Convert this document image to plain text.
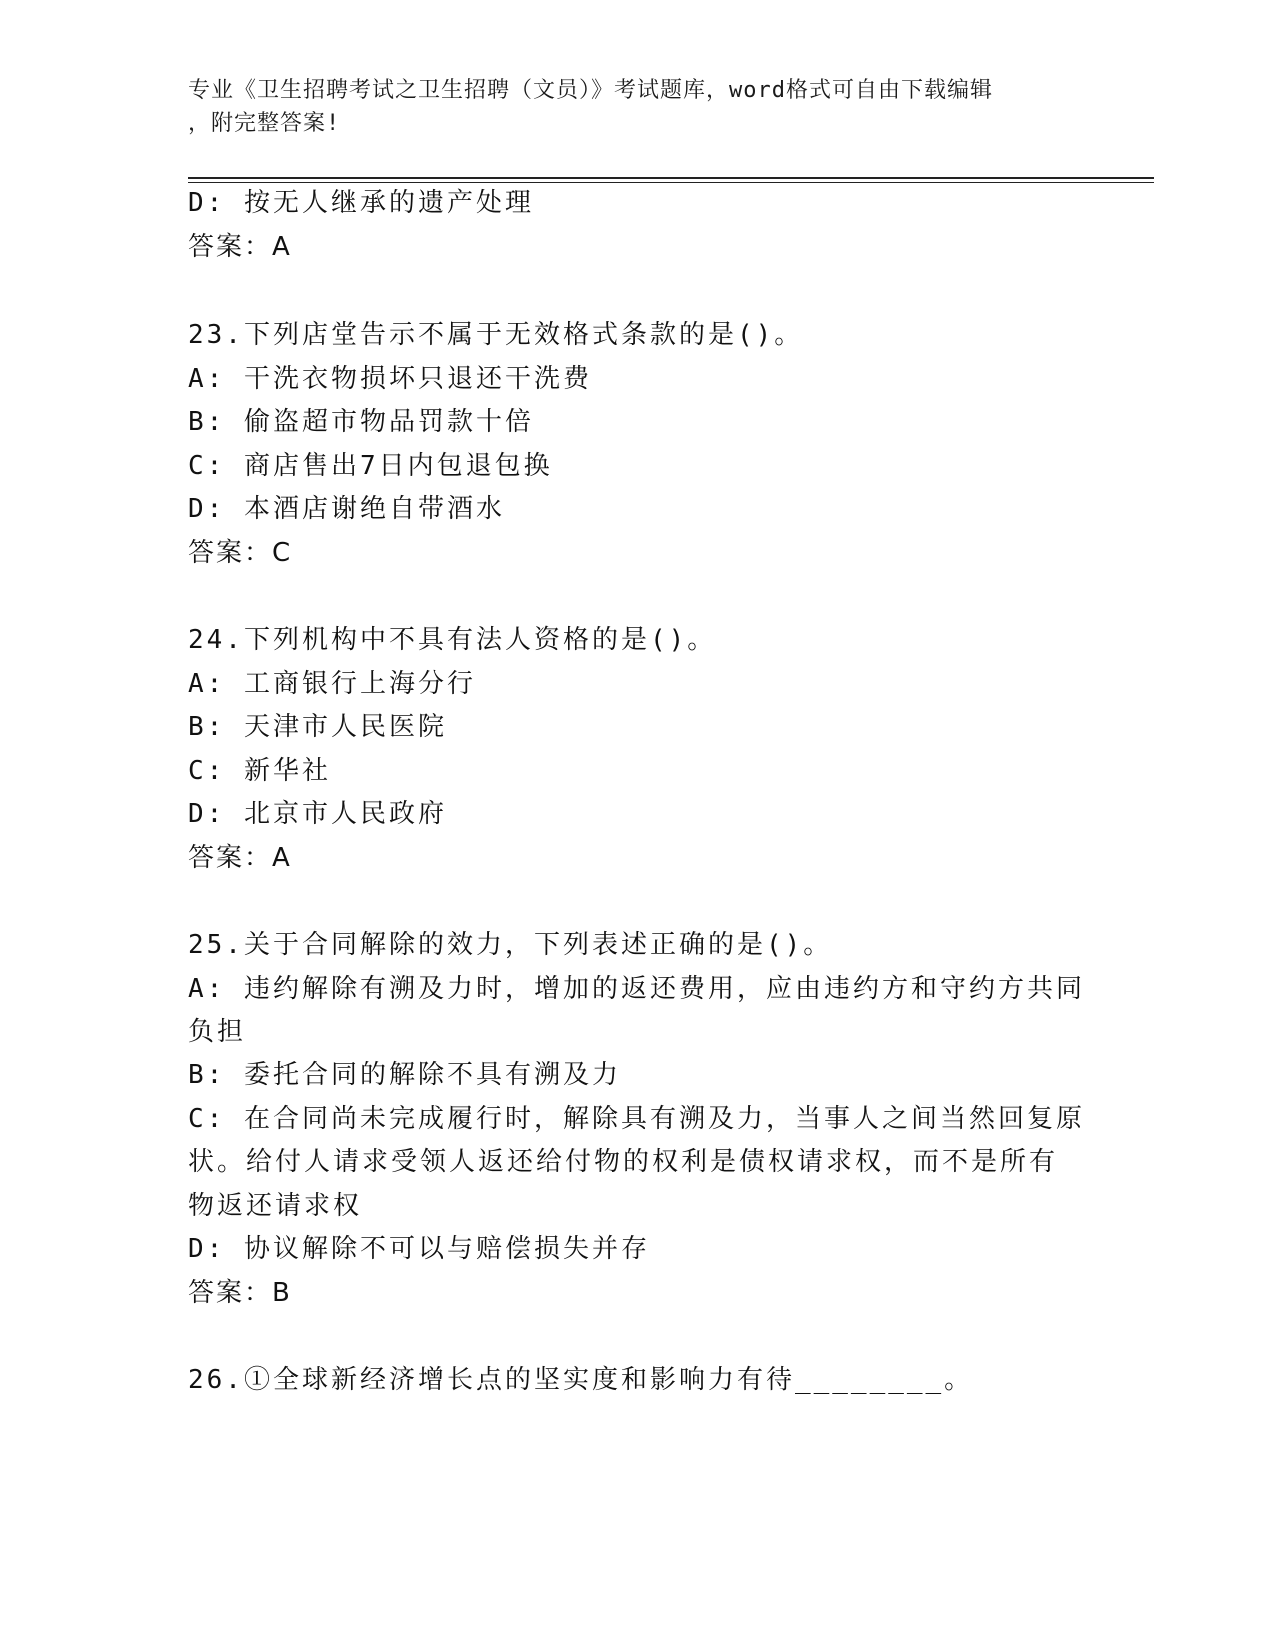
专业《卫生招聘考试之卫生招聘（文员）》考试题库，word格式可自由下载编辑
，附完整答案!
D: 按无人继承的遗产处理
答案：A
23.下列店堂告示不属于无效格式条款的是()。
A: 干洗衣物损坏只退还干洗费
B: 偷盗超市物品罚款十倍
C: 商店售出7日内包退包换
D: 本酒店谢绝自带酒水
答案：C
24.下列机构中不具有法人资格的是()。
A: 工商银行上海分行
B: 天津市人民医院
C: 新华社
D: 北京市人民政府
答案：A
25.关于合同解除的效力，下列表述正确的是()。
A: 违约解除有溯及力时，增加的返还费用，应由违约方和守约方共同
负担
B: 委托合同的解除不具有溯及力
C: 在合同尚未完成履行时，解除具有溯及力，当事人之间当然回复原
状。给付人请求受领人返还给付物的权利是债权请求权，而不是所有
物返还请求权
D: 协议解除不可以与赔偿损失并存
答案：B
26.①全球新经济增长点的坚实度和影响力有待________。
